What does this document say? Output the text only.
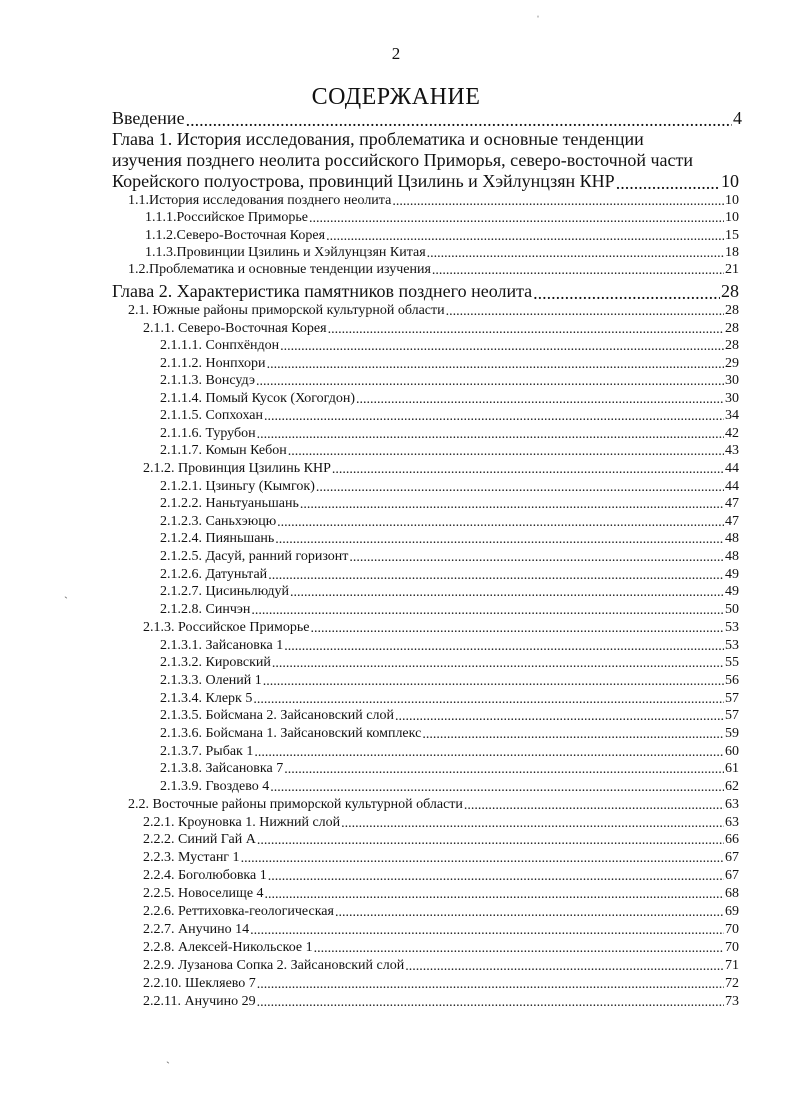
ˌ
2
СОДЕРЖАНИЕ
Введение .....	4
Глава 1. История исследования, проблематика и основные тенденции
изучения позднего неолита российского Приморья, северо-восточной части
Корейского полуострова, провинций Цзилинь и Хэйлунцзян КНР .....	10
1.1. История исследования позднего неолита .....	10
1.1.1. Российское Приморье .....	10
1.1.2. Северо-Восточная Корея .....	15
1.1.3. Провинции Цзилинь и Хэйлунцзян Китая .....	18
1.2. Проблематика и основные тенденции изучения .....	21
Глава 2. Характеристика памятников позднего неолита .....	28
2.1. Южные районы приморской культурной области .....	28
2.1.1. Северо-Восточная Корея .....	28
2.1.1.1. Сонпхёндон .....	28
2.1.1.2. Нонпхори .....	29
2.1.1.3. Вонсудэ .....	30
2.1.1.4. Помый Кусок (Хогогдон) .....	30
2.1.1.5. Сопхохан .....	34
2.1.1.6. Турубон .....	42
2.1.1.7. Комын Кебон .....	43
2.1.2. Провинция Цзилинь КНР .....	44
2.1.2.1. Цзиньгу (Кымгок) .....	44
2.1.2.2. Наньтуаньшань .....	47
2.1.2.3. Саньхэюцю .....	47
2.1.2.4. Пияньшань .....	48
2.1.2.5. Дасуй, ранний горизонт .....	48
2.1.2.6. Датуньтай .....	49
2.1.2.7. Цисиньлюдуй .....	49
2.1.2.8. Синчэн .....	50
2.1.3. Российское Приморье .....	53
2.1.3.1. Зайсановка 1 .....	53
2.1.3.2. Кировский .....	55
2.1.3.3. Олений 1 .....	56
2.1.3.4. Клерк 5 .....	57
2.1.3.5. Бойсмана 2. Зайсановский слой .....	57
2.1.3.6. Бойсмана 1. Зайсановский комплекс .....	59
2.1.3.7. Рыбак 1 .....	60
2.1.3.8. Зайсановка 7 .....	61
2.1.3.9. Гвоздево 4 .....	62
2.2. Восточные районы приморской культурной области .....	63
2.2.1. Кроуновка 1. Нижний слой .....	63
2.2.2. Синий Гай А .....	66
2.2.3. Мустанг 1 .....	67
2.2.4. Боголюбовка 1 .....	67
2.2.5. Новоселище 4 .....	68
2.2.6. Реттиховка-геологическая .....	69
2.2.7. Анучино 14 .....	70
2.2.8. Алексей-Никольское 1 .....	70
2.2.9. Лузанова Сопка 2. Зайсановский слой .....	71
2.2.10. Шекляево 7 .....	72
2.2.11. Анучино 29 .....	73
ˎ
ˎ
